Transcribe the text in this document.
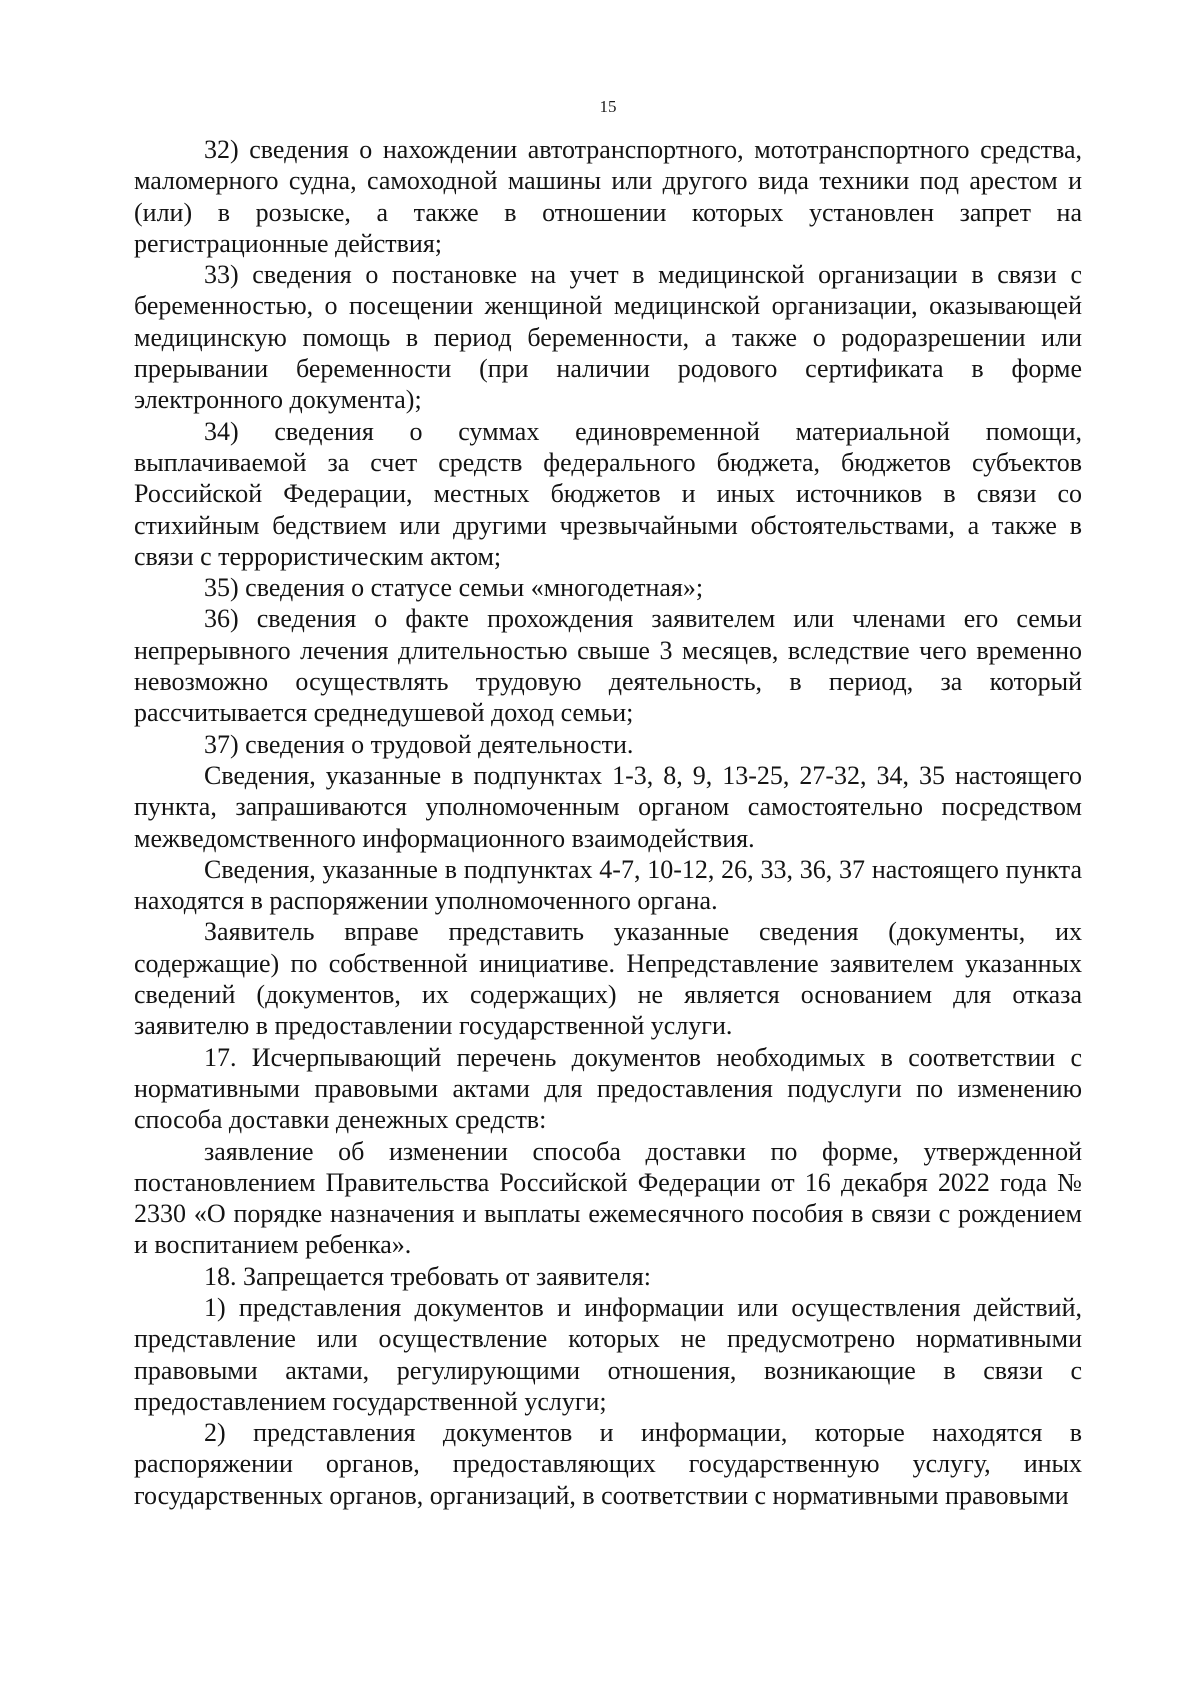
15

32) сведения о нахождении автотранспортного, мототранспортного средства, маломерного судна, самоходной машины или другого вида техники под арестом и (или) в розыске, а также в отношении которых установлен запрет на регистрационные действия;

33) сведения о постановке на учет в медицинской организации в связи с беременностью, о посещении женщиной медицинской организации, оказывающей медицинскую помощь в период беременности, а также о родоразрешении или прерывании беременности (при наличии родового сертификата в форме электронного документа);

34) сведения о суммах единовременной материальной помощи, выплачиваемой за счет средств федерального бюджета, бюджетов субъектов Российской Федерации, местных бюджетов и иных источников в связи со стихийным бедствием или другими чрезвычайными обстоятельствами, а также в связи с террористическим актом;

35) сведения о статусе семьи «многодетная»;

36) сведения о факте прохождения заявителем или членами его семьи непрерывного лечения длительностью свыше 3 месяцев, вследствие чего временно невозможно осуществлять трудовую деятельность, в период, за который рассчитывается среднедушевой доход семьи;

37) сведения о трудовой деятельности.

Сведения, указанные в подпунктах 1-3, 8, 9, 13-25, 27-32, 34, 35 настоящего пункта, запрашиваются уполномоченным органом самостоятельно посредством межведомственного информационного взаимодействия.

Сведения, указанные в подпунктах 4-7, 10-12, 26, 33, 36, 37 настоящего пункта находятся в распоряжении уполномоченного органа.

Заявитель вправе представить указанные сведения (документы, их содержащие) по собственной инициативе. Непредставление заявителем указанных сведений (документов, их содержащих) не является основанием для отказа заявителю в предоставлении государственной услуги.

17. Исчерпывающий перечень документов необходимых в соответствии с нормативными правовыми актами для предоставления подуслуги по изменению способа доставки денежных средств:

заявление об изменении способа доставки по форме, утвержденной постановлением Правительства Российской Федерации от 16 декабря 2022 года № 2330 «О порядке назначения и выплаты ежемесячного пособия в связи с рождением и воспитанием ребенка».

18. Запрещается требовать от заявителя:

1) представления документов и информации или осуществления действий, представление или осуществление которых не предусмотрено нормативными правовыми актами, регулирующими отношения, возникающие в связи с предоставлением государственной услуги;

2) представления документов и информации, которые находятся в распоряжении органов, предоставляющих государственную услугу, иных государственных органов, организаций, в соответствии с нормативными правовыми
